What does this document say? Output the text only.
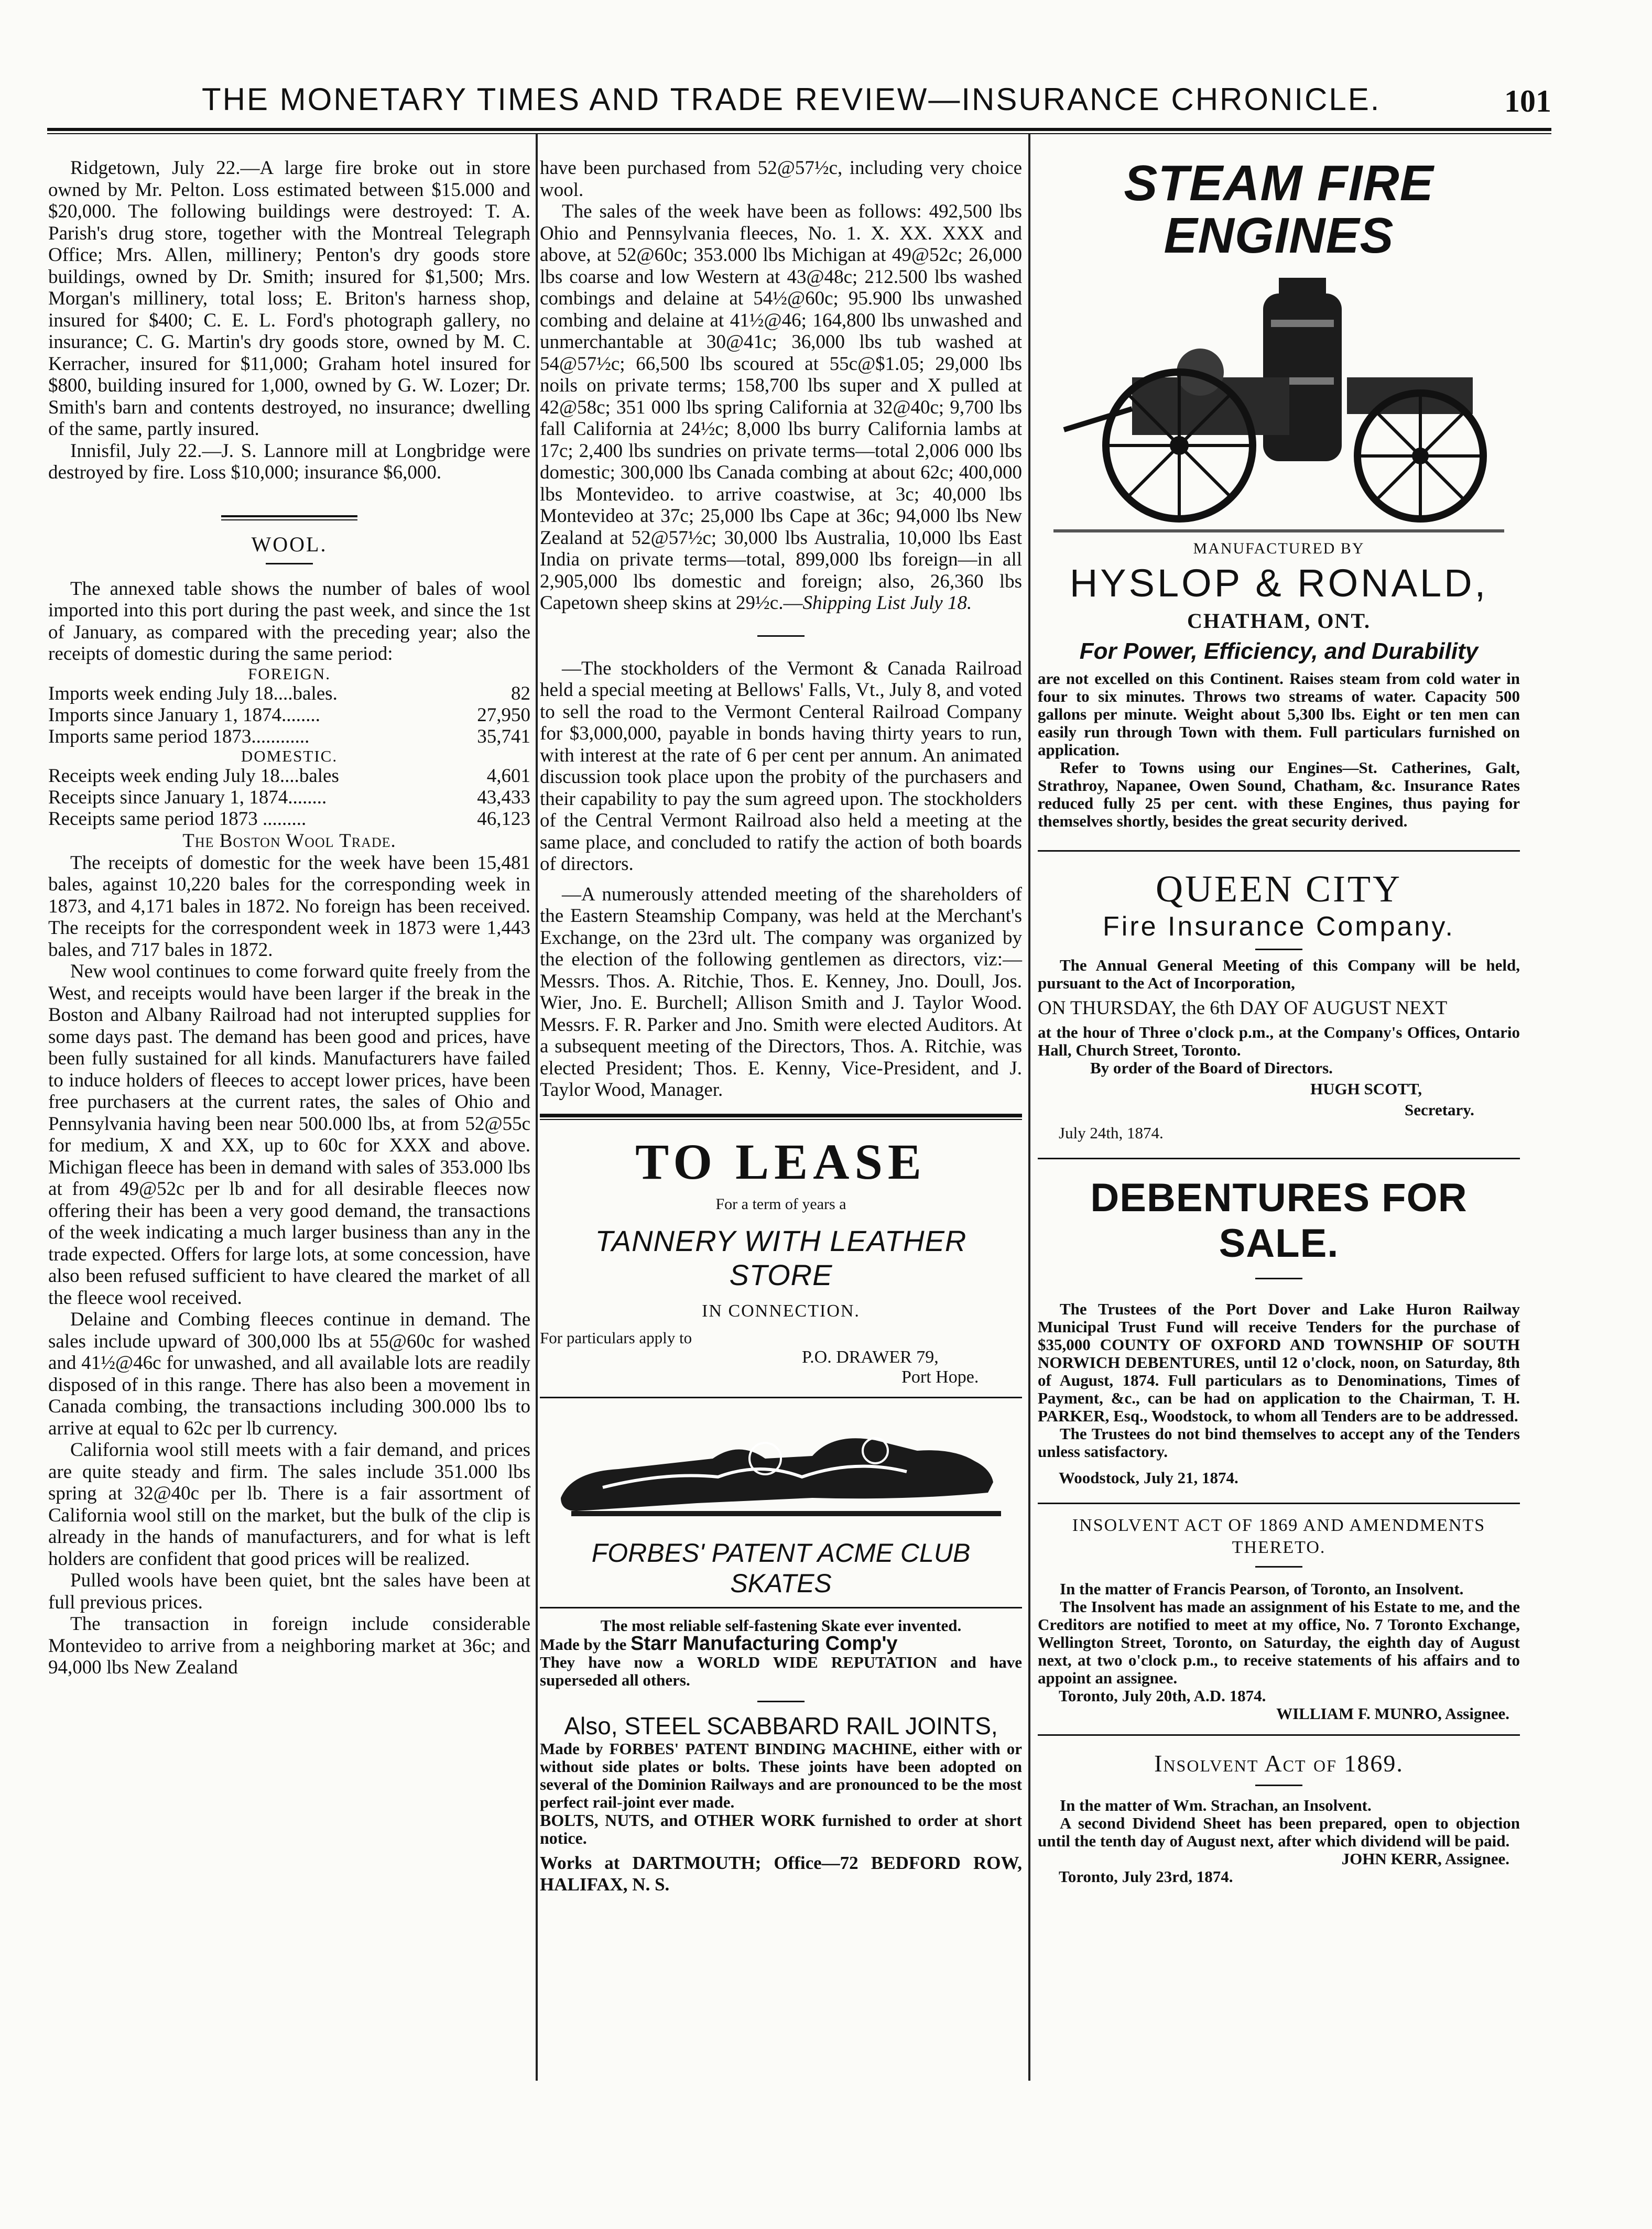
THE MONETARY TIMES AND TRADE REVIEW—INSURANCE CHRONICLE.	101

Ridgetown, July 22.—A large fire broke out in store owned by Mr. Pelton. Loss estimated between $15.000 and $20,000. The following buildings were destroyed: T. A. Parish's drug store, together with the Montreal Telegraph Office; Mrs. Allen, millinery; Penton's dry goods store buildings, owned by Dr. Smith; insured for $1,500; Mrs. Morgan's millinery, total loss; E. Briton's harness shop, insured for $400; C. E. L. Ford's photograph gallery, no insurance; C. G. Martin's dry goods store, owned by M. C. Kerracher, insured for $11,000; Graham hotel insured for $800, building insured for 1,000, owned by G. W. Lozer; Dr. Smith's barn and contents destroyed, no insurance; dwelling of the same, partly insured.

Innisfil, July 22.—J. S. Lannore mill at Longbridge were destroyed by fire. Loss $10,000; insurance $6,000.

WOOL.

The annexed table shows the number of bales of wool imported into this port during the past week, and since the 1st of January, as compared with the preceding year; also the receipts of domestic during the same period:

FOREIGN.
Imports week ending July 18....bales.	82
Imports since January 1, 1874........	27,950
Imports same period 1873............	35,741
DOMESTIC.
Receipts week ending July 18....bales	4,601
Receipts since January 1, 1874........	43,433
Receipts same period 1873 .........	46,123
The Boston Wool Trade.

The receipts of domestic for the week have been 15,481 bales, against 10,220 bales for the corresponding week in 1873, and 4,171 bales in 1872. No foreign has been received. The receipts for the correspondent week in 1873 were 1,443 bales, and 717 bales in 1872.

New wool continues to come forward quite freely from the West, and receipts would have been larger if the break in the Boston and Albany Railroad had not interupted supplies for some days past. The demand has been good and prices, have been fully sustained for all kinds. Manufacturers have failed to induce holders of fleeces to accept lower prices, have been free purchasers at the current rates, the sales of Ohio and Pennsylvania having been near 500.000 lbs, at from 52@55c for medium, X and XX, up to 60c for XXX and above. Michigan fleece has been in demand with sales of 353.000 lbs at from 49@52c per lb and for all desirable fleeces now offering their has been a very good demand, the transactions of the week indicating a much larger business than any in the trade expected. Offers for large lots, at some concession, have also been refused sufficient to have cleared the market of all the fleece wool received.

Delaine and Combing fleeces continue in demand. The sales include upward of 300,000 lbs at 55@60c for washed and 41½@46c for unwashed, and all available lots are readily disposed of in this range. There has also been a movement in Canada combing, the transactions including 300.000 lbs to arrive at equal to 62c per lb currency.

California wool still meets with a fair demand, and prices are quite steady and firm. The sales include 351.000 lbs spring at 32@40c per lb. There is a fair assortment of California wool still on the market, but the bulk of the clip is already in the hands of manufacturers, and for what is left holders are confident that good prices will be realized.

Pulled wools have been quiet, bnt the sales have been at full previous prices.

The transaction in foreign include considerable Montevideo to arrive from a neighboring market at 36c; and 94,000 lbs New Zealand

have been purchased from 52@57½c, including very choice wool.

The sales of the week have been as follows: 492,500 lbs Ohio and Pennsylvania fleeces, No. 1. X. XX. XXX and above, at 52@60c; 353.000 lbs Michigan at 49@52c; 26,000 lbs coarse and low Western at 43@48c; 212.500 lbs washed combings and delaine at 54½@60c; 95.900 lbs unwashed combing and delaine at 41½@46; 164,800 lbs unwashed and unmerchantable at 30@41c; 36,000 lbs tub washed at 54@57½c; 66,500 lbs scoured at 55c@$1.05; 29,000 lbs noils on private terms; 158,700 lbs super and X pulled at 42@58c; 351 000 lbs spring California at 32@40c; 9,700 lbs fall California at 24½c; 8,000 lbs burry California lambs at 17c; 2,400 lbs sundries on private terms—total 2,006 000 lbs domestic; 300,000 lbs Canada combing at about 62c; 400,000 lbs Montevideo. to arrive coastwise, at 3c; 40,000 lbs Montevideo at 37c; 25,000 lbs Cape at 36c; 94,000 lbs New Zealand at 52@57½c; 30,000 lbs Australia, 10,000 lbs East India on private terms—total, 899,000 lbs foreign—in all 2,905,000 lbs domestic and foreign; also, 26,360 lbs Capetown sheep skins at 29½c.—Shipping List July 18.

—The stockholders of the Vermont & Canada Railroad held a special meeting at Bellows' Falls, Vt., July 8, and voted to sell the road to the Vermont Centeral Railroad Company for $3,000,000, payable in bonds having thirty years to run, with interest at the rate of 6 per cent per annum. An animated discussion took place upon the probity of the purchasers and their capability to pay the sum agreed upon. The stockholders of the Central Vermont Railroad also held a meeting at the same place, and concluded to ratify the action of both boards of directors.

—A numerously attended meeting of the shareholders of the Eastern Steamship Company, was held at the Merchant's Exchange, on the 23rd ult. The company was organized by the election of the following gentlemen as directors, viz:—Messrs. Thos. A. Ritchie, Thos. E. Kenney, Jno. Doull, Jos. Wier, Jno. E. Burchell; Allison Smith and J. Taylor Wood. Messrs. F. R. Parker and Jno. Smith were elected Auditors. At a subsequent meeting of the Directors, Thos. A. Ritchie, was elected President; Thos. E. Kenny, Vice-President, and J. Taylor Wood, Manager.

TO LEASE
For a term of years a
TANNERY WITH LEATHER STORE
IN CONNECTION.
For particulars apply to
P.O. DRAWER 79,
Port Hope.
FORBES' PATENT ACME CLUB SKATES

The most reliable self-fastening Skate ever invented.

Made by the Starr Manufacturing Comp'y

They have now a WORLD WIDE REPUTATION and have superseded all others.

Also, STEEL SCABBARD RAIL JOINTS,

Made by FORBES' PATENT BINDING MACHINE, either with or without side plates or bolts. These joints have been adopted on several of the Dominion Railways and are pronounced to be the most perfect rail-joint ever made.

BOLTS, NUTS, and OTHER WORK furnished to order at short notice.

Works at DARTMOUTH; Office—72 BEDFORD ROW, HALIFAX, N. S.

STEAM FIRE ENGINES
MANUFACTURED BY
HYSLOP & RONALD,
CHATHAM, ONT.
For Power, Efficiency, and Durability

are not excelled on this Continent. Raises steam from cold water in four to six minutes. Throws two streams of water. Capacity 500 gallons per minute. Weight about 5,300 lbs. Eight or ten men can easily run through Town with them. Full particulars furnished on application.

Refer to Towns using our Engines—St. Catherines, Galt, Strathroy, Napanee, Owen Sound, Chatham, &c. Insurance Rates reduced fully 25 per cent. with these Engines, thus paying for themselves shortly, besides the great security derived.

QUEEN CITY
Fire Insurance Company.

The Annual General Meeting of this Company will be held, pursuant to the Act of Incorporation,

ON THURSDAY, the 6th DAY OF AUGUST NEXT

at the hour of Three o'clock p.m., at the Company's Offices, Ontario Hall, Church Street, Toronto.

By order of the Board of Directors.
HUGH SCOTT,
Secretary.
July 24th, 1874.
DEBENTURES FOR SALE.

The Trustees of the Port Dover and Lake Huron Railway Municipal Trust Fund will receive Tenders for the purchase of $35,000 COUNTY OF OXFORD AND TOWNSHIP OF SOUTH NORWICH DEBENTURES, until 12 o'clock, noon, on Saturday, 8th of August, 1874. Full particulars as to Denominations, Times of Payment, &c., can be had on application to the Chairman, T. H. PARKER, Esq., Woodstock, to whom all Tenders are to be addressed.

The Trustees do not bind themselves to accept any of the Tenders unless satisfactory.

Woodstock, July 21, 1874.
INSOLVENT ACT OF 1869 AND AMENDMENTS THERETO.

In the matter of Francis Pearson, of Toronto, an Insolvent.

The Insolvent has made an assignment of his Estate to me, and the Creditors are notified to meet at my office, No. 7 Toronto Exchange, Wellington Street, Toronto, on Saturday, the eighth day of August next, at two o'clock p.m., to receive statements of his affairs and to appoint an assignee.

Toronto, July 20th, A.D. 1874.
WILLIAM F. MUNRO, Assignee.
Insolvent Act of 1869.

In the matter of Wm. Strachan, an Insolvent.

A second Dividend Sheet has been prepared, open to objection until the tenth day of August next, after which dividend will be paid.

JOHN KERR, Assignee.
Toronto, July 23rd, 1874.
